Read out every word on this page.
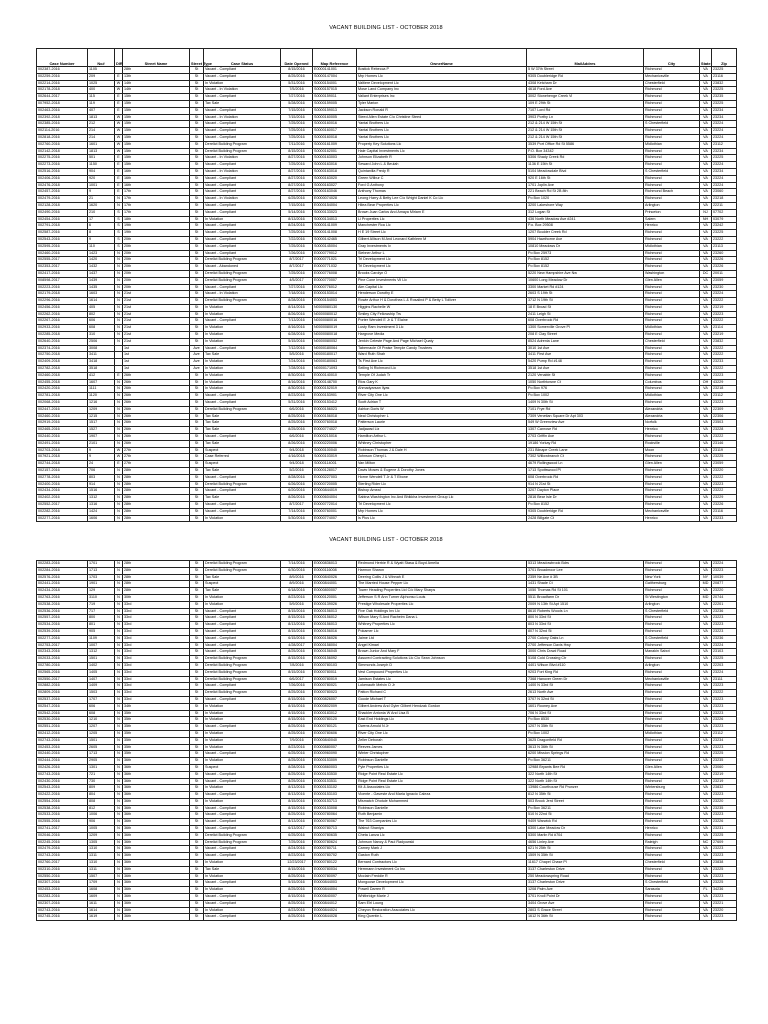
VACANT BUILDING LIST - OCTOBER 2018
Case Number	No#	DIR	Street Name	Street Type	Case Status	Date Opened	Map Reference	OwnerName	MailAddres	City	State	Zip
002387-2016	1105		28th	St	Vacant - Compliant	8/15/2016	E0000141001	Bostick Rebecca P	5 W 37th Street	Richmond	VA	23225
002259-2016	209	E	13th	St	Vacant - Compliant	8/25/2016	S0000147004	Mrp Homes Llc	9305 Doubleridge Rd	Mechanicsville	VA	23116
002214-2016	1025	W	14th	St	In Violation	5/31/2016	S0000154001	Valtiere Development Llc	4308 Ketcham Dr	Chesterfield	VA	23832
002178-2018	400	W	14th	St	Vacant - In Violation	7/5/2016	S0000157015	Mose Land Company Inc	4618 Ford Ave	Richmond	VA	23225
002644-2017	115	E	15th	St	Vacant - Compliant	7/27/2016	S0000159011	Valiant Enterprises Inc	3002 Stonehenge Creek Vi	Richmond	VA	23235
007952-2018	119	E	15th	St	Tax Sale	5/28/2016	S0000159005	Tyler Marion	109 E 29th St	Richmond	VA	23225
002463-2016	407	E	15th	St	Vacant - Compliant	7/15/2016	S0000159013	Jackson Ronald R	7107 Lord Rd	Richmond	VA	23234
002392-2018	1813	W	15th	St	Vacant - In Violation	7/15/2016	S0000160005	Steed Allen Estate C/o Christine Steed	3903 Porthy Ln	Richmond	VA	23234
002385-2016	212	W	15th	St	Vacant - Compliant	7/25/2016	S0000160016	Yantai Brothers Llc	212 & 214 W 15th St	S Chesterfield	VA	23224
002114-2016	214	W	15th	St	Vacant - Compliant	7/25/2016	S0000160017	Yantai Brothers Llc	212 & 214 W 15th St	Richmond	VA	23224
002818-2016	214	W	15th	St	Vacant - Compliant	7/25/2016	S0000160018	Yantai Brothers Llc	212 & 214 W 15th St	Richmond	VA	23224
002760-2016	1601	W	15th	St	Derelict Building Program	7/11/2016	S0000161009	Property Key Solutions Llc	3539 Port Office Rd St 5586	Midlothian	VA	23112
002142-2018	1813	W	15th	St	Derelict Building Program	8/15/2016	S0000162001	Hale Capital Investments Llc	P.O. Box 34342	Richmond	VA	23234
002275-2016	501	E	15th	St	Vacant - In Violation	8/27/2016	S0000163003	Johnson Elizabeth R	5306 Shady Creek Rd	Richmond	VA	23225
002273-2016	1150	E	15th	St	Vacant - Compliant	7/25/2016	S0000163016	Seward John L & Beulah	1136 E 15th St	Richmond	VA	23224
002516-2016	904	E	16th	St	Vacant - In Violation	8/27/2016	S0000163018	Quintanilla Fredy R	5104 Meadowdale Blvd	S Chesterfield	VA	23234
002406-2016	920	E	16th	St	Vacant - Compliant	8/27/2016	S0000163020	Green Wilbur C	920 E 16th St	Richmond	VA	23224
002476-2018	1001	E	16th	St	Vacant - Compliant	8/27/2016	S0000163027	Ford G Anthony	1701 Joplin Ave	Richmond	VA	23224
002457-2016	9	E	17th	St	Vacant - Compliant	8/27/2016	S0000163046	Anthony Thomas	221 Beach Rd St 2B 8th	Richmond Beach	VA	23060
002479-2016	21	N	17th	St	Vacant - In Violation	6/25/2016	E0000074028	Leong Harry & Betty Lee C/o Wright Daniel K Co Llc	Po Box 1020	Richmond	VA	23218
002128-2018	1620	N	17th	St	Vacant - Compliant	7/15/2016	E0000154004	Hilea Bear Properties Llc	3200 Lakeshore Way	Arlington	VA	22211
002490-2016	210	S	17th	St	Vacant - Compliant	5/14/2016	S0000133023	Brown Juan Carlos And Amaya Miriam E	312 Logan St	Princeton	NJ	07702
002454-2016	17	S	18th	St	In Violation	8/13/2016	S0000134013	Li Properties Llc	436 North Meadow Ave #241	Salem	NH	03079
002791-2018	6	S	19th	St	Vacant - Compliant	8/24/2016	S0000141009	Manchester Rca Llc	P.o. Box 29508	Henrico	VA	23242
002587-2016	8	S	19th	St	Vacant - Compliant	7/25/2016	S0000141008	H E 19 Street Llc	1207 Boulder Creek Rd	Richmond	VA	23225
002543-2016	9	S	20th	St	Vacant - Compliant	7/22/2016	S0000142465	Gilbert Allison M And Leonard Kathleen M	5904 Hawthorne Ave	Richmond	VA	23222
002595-2016	110	S	20th	St	Vacant - Compliant	7/25/2016	S0000145004	Gray Investments Iv	10810 Meadows Dr	Midlothian	VA	23113
002460-2016	1423	N	20th	St	Vacant - Compliant	7/26/2016	E0000779012	Siebner Arthur L	Po Box 25973	Richmond	VA	23260
002555-2017	1420	N	20th	St	Derelict Building Program	8/7/2017	E0000771021	Trl Development Llc	Po Box 8152	Richmond	VA	23226
002353-2017	1432	N	20th	St	Vacant - Abandoned	8/7/2017	E0000771032	Trl Development Llc	Po Box 8152	Richmond	VA	23226
002417-2016	1437	N	20th	St	Derelict Building Program	7/25/2016	E0000776008	Brooks Carolyn O	5220 New Hampshire Ave Nw	Washington	DC	20011
008598-2017	1439	N	20th	St	Derelict Building Program	4/5/2017	E0000770007	Pine Cone Investments Vii Llc	10600 Long Meadow Dr	Glen Allen	VA	23059
002223-2016	1435	N	20th	St	Vacant - Compliant	7/27/2016	E0000776012	Aim Capital Llc	3300 Market Rd #124	Richmond	VA	23230
002179-2018	1603	N	21st	St	Vacant - In Violation	7/18/2016	E0000153014	Henderson Dorothy E	2603 S 19th St	Richmond	VA	23224
002296-2016	1614	N	21st	St	Derelict Building Program	8/28/2016	E0000154003	Rowie Arthur H & Dorothea L & Rosalind P & Betty L Tolliver	3712 N 19th St	Richmond	VA	23222
002456-2016	405	N	21st	St	In Violation	8/14/2016	N0000080130	Higgins Rachelle W	18 E Broad St	Richmond	VA	23219
002262-2016	802	N	21st	St	In Violation	8/26/2016	N0000080012	Smiley City Fellowship Trs	2411 Leigh St	Richmond	VA	23223
002267-2016	606	N	21st	St	Vacant - Compliant	7/13/2016	N0000080016	Porter Wendell E Jr & T Elaine	608 Overbrook Rd	Richmond	VA	23222
002933-2016	608	N	21st	St	In Violation	8/16/2016	N0000080019	Lusty Ram Investment 3 Llc	1300 Somerville Grove Pl	Midlothian	VA	23114
002285-2018	310	N	21st	St	In Violation	6/28/2016	N0000080018	Hargrove Media	208 E Clay Street	Richmond	VA	23219
002640-2016	2506	N	21st	St	In Violation	5/15/2016	N0000080052	Jenkin Celeste Page And Page Michael Quaty	8524 Adrenia Lane	Chesterfield	VA	23832
002374-2016	3008		1st	Ave	Vacant - Compliant	7/12/2016	N0000180064	Tabernacle Of Praise Temple Candy Trustees	3010 1st Ave	Richmond	VA	23222
002750-2018	3411		1st	Ave	Tax Sale	5/5/2016	N0000180017	Ward Ruth Shah	3411 First Ave	Richmond	VA	23222
002409-2018	3418		1st	Ave	In Violation	7/24/2016	N0000180063	Ts First Ave Llc	5420 Pump Rd #148	Richmond	VA	23233
002782-2018	3518		1st	Ave	In Violation	7/28/2016	N0000171093	Seiling N Richmond Llc	3518 1st Ave	Richmond	VA	23222
002460-2018	412	E	26th	St	In Violation	8/30/2016	E0000140010	Temple Of Judah Tr	2120 Venable St	Richmond	VA	23223
002455-2018	1607	N	26th	St	In Violation	8/16/2016	E0000148700	Rios Gary K	1050 Northtowne Ct	Columbus	OH	43229
002420-2016	1111	N	26th	St	In Violation	8/30/2016	E0000152019	Ahmadyarsan Ilyas	Po Box 976	Richmond	VA	23218
002781-2018	1120	N	26th	St	Vacant - Compliant	8/23/2016	E0000153901	River City One Llc	Po Box 1002	Midlothian	VA	23112
002068-2016	1216	N	26th	St	Vacant - Compliant	5/31/2016	E0000153412	Scott Adrian T	1409 N 30th St	Richmond	VA	23223
002447-2016	1209	N	26th	St	Derelict Building Program	6/6/2016	E0000156023	Ashton Doris W	7101 Frye Rd	Alexandria	VA	22309
002460-2016	1215	N	26th	St	Tax Sale	8/25/2016	E0000156018	Neal Christopher L	7309 Venetian Square Dr Apt 303	Alexandria	VA	22306
002919-2016	1517	N	26th	St	Tax Sale	8/25/2016	E0000760018	Patterson Laurie	549 W Greenview Ave	Norfolk	VA	23503
002465-2016	1527	N	26th	St	Tax Sale	8/25/2016	E0000774027	Jadjawad Liz	1307 Canrose Rd	Henrico	VA	23228
002440-2016	1907	N	26th	St	Vacant - Compliant	6/6/2016	E0000215016	Hamilton Arthur L	2703 Griffin Ave	Richmond	VA	23222
002491-2016	2101	N	26th	St	Tax Sale	8/26/2016	E0000220006	Whitney Christopher	19186 Yorkay Rd	Rockville	VA	23146
002703-2018	9	W	27th	St	Suspect	9/4/2018	S0000100040	Robinson Thomas J & Dale H	231 Bilnape Creek Lane	Moon	VA	23119
007921-2018	9	W	27th	St	Case Referred	4/16/2018	S0000103019	Johnson Cheryl L	7302 Willowbranch Ct	Richmond	VA	23225
002744-2018	24	E	27th	St	Suspect	9/4/2018	S0000114001	Van Milton	4679 Rollingwood Ln	Glen Allen	VA	23059
002157-2016	706	N	28th	St	Tax Sale	5/2/2016	E0000128017	Davis Moses & Eugene & Dorothy Jones	1713 Spottswood Pl	Richmond	VA	23220
002778-2016	803	N	28th	St	Vacant - Compliant	8/28/2016	E0000227003	Horne Wendell T Jr & T Ebone	608 Overbrook Rd	Richmond	VA	23222
002400-2016	914	N	28th	St	Derelict Building Program	6/26/2016	E0000720005	Sterling Rider Llc	914 N 21st St	Richmond	VA	23223
002434-2016	1516	N	28th	St	Vacant - Compliant	6/20/2016	E0000844019	Bishop Ameal	3207 Dayton Place	Richmond	VA	23222
002402-2016	1312	N	28th	St	Tax Sale	8/26/2016	E0000604004	Sabina Washington Inc And Bhikkha Investment Group Llc	2816 Bear Isle Dr	Richmond	VA	23229
002552-2017	1316	N	28th	St	Vacant - Compliant	8/7/2017	E0000772014	Trl Development Llc	Po Box 8152	Richmond	VA	23226
002282-2016	1424	N	28th	St	Vacant - Compliant	7/14/2016	E0000760001	Mrp Homes Llc	9305 Doubleridge Rd	Mechanicsville	VA	23116
002277-2016	1606	N	28th	St	In Violation	5/30/2016	E0000774007	Is Plus Llc	2428 Billgate Ct	Henrico	VA	23233
VACANT BUILDING LIST - OCTOBER 2018
002283-2016	1701	N	28th	St	Derelict Building Program	7/14/2016	E0000836013	Redmond Herbie R & Wyatt Stasa & Boyd Amelia	5313 Meadowbrook Bdrs	Richmond	VA	23224
002284-2016	1713	N	28th	St	Derelict Building Program	6/30/2016	E0000116008	Harmon Sharon	3701 Broadmoor Lee	Richmond	VA	23223
002576-2016	1703	N	28th	St	Tax Sale	8/9/2016	E0000840026	Deering Collis J & Winnah E	2359 Ne Ave # 3B	New York	NY	10039
002441-2016	1901	N	28th	St	Suspect	8/9/2016	E0000844001	The Married House Pepper Llc	1431 Shade Ct	Gaithersburg	MD	20877
002434-2018	129	N	28th	St	Tax Sale	6/18/2016	E0000800007	Tower Heading Properties Ltd C/o Mary Sharps	1050 Thomas Rd St 101	Richmond	VA	23220
002763-2016	3110	N	30th	St	In Violation	8/23/2016	E0000120001	Jefferson S R Ann Turner Alphonso Louis	5511 Broadfarm Dr	St Westington	MD	20744
002538-2016	719	N	33rd	St	In Violation	5/9/2016	E0000139026	Prestige Wholesale Properties Llc	2009 N 13th St Apt 1510	Arlington	VA	22201
002536-2016	717	N	33rd	St	Vacant - Compliant	8/15/2016	E0000156013	Five Oak Holdings Inv Llc	8610 Roberts Woods Ln	S Chesterfield	VA	23236
002557-2016	800	N	33rd	St	Vacant - Compliant	8/15/2016	E0000156012	Wilson Mary S And Racheim Dana L	800 N 33rd St	Richmond	VA	23223
002534-2016	801	N	33rd	St	Vacant - Compliant	8/13/2016	E0000156013	Whitney Properties Llc	803 N 33rd St	Richmond	VA	23223
002539-2016	905	N	33rd	St	Vacant - Compliant	8/15/2016	E0000156016	Pokamer Llc	807 N 32nd St	Richmond	VA	23223
002277-2016	1109	N	33rd	St	Vacant - Compliant	6/15/2016	E0000156026	Jaime Ltd	2700 Colony Oaks Ln	S Chesterfield	VA	23236
002753-2017	1007	N	33rd	St	Vacant - Compliant	4/28/2017	E0000158004	Angel Kimari	2700 Jefferson Davis Hwy	Richmond	VA	23224
002343-2016	1312	N	33rd	St	Vacant - Compliant	8/25/2016	E0000156045	Brown Junior And Mary F	3000 Chris Dowd Road	Manakin Sabot	VA	23103
002033-2016	1501	N	33rd	St	Derelict Building Program	8/15/2016	E0000156092	Assured Contracting Solutions Llc C/o Sean Johnson	5108 Cold Crossing Ctr	Richmond	VA	23225
002780-2016	1402	N	33rd	St	Derelict Building Program	7/8/2016	E0000780103	Simmonds Joseph D	4401 Wilson Blvd #110	Arlington	VA	22203
002565-2016	1405	N	33rd	St	Derelict Building Program	8/15/2016	E0000780011	Vest Compound Properties Llc	9203 Fort King Rd	Richmond	VA	23224
002550-2017	1407	N	33rd	St	Derelict Building Program	6/6/2017	E0000780019	Jamison Estates Llc	7368 Hanover Green Dr	Mechanicsville	VA	23111
002882-2016	1409	N	33rd	St	Vacant - Compliant	7/26/2016	E0000780021	Lokenauth Melvin O Jr	1400 N 33rd St	Richmond	VA	23223
002809-2016	1503	N	33rd	St	Derelict Building Program	8/25/2016	E0000780023	Patton Richard C	2613 North Ave	Richmond	VA	23222
002537-2016	1707	N	33rd	St	Vacant - Compliant	8/15/2016	E0000826007	Goode Michael T	3707 N 32nd St	Richmond	VA	23223
002547-2016	606	N	34th	St	In Violation	8/15/2016	E0000802009	Gilbert Andrew And Gyler Gilbert Hendzak Gordon	1601 Rooney Ave	Richmond	VA	23223
002542-2016	608	N	35th	St	In Violation	8/15/2016	E0000183012	Shackler Antonia W And Lisa B	706 N 33rd St	Richmond	VA	23223
002530-2016	1210	N	35th	St	In Violation	8/15/2016	E0000780120	East End Holdings Llc	Po Box 8530	Richmond	VA	23226
002551-2016	1207	N	35th	St	Vacant - Compliant	8/25/2016	E0000780121	Owens Arnold N Jr	1207 N 35th St	Richmond	VA	23223
002412-2016	1205	N	35th	St	In Violation	8/25/2016	E0000780606	River City One Llc	Po Box 1002	Midlothian	VA	23112
002743-2016	1501	N	35th	St	In Violation	7/9/2016	E0000840040	Zeller Deborah	3625 Dragonfield Rd	Richmond	VA	23234
002453-2016	2605	N	35th	St	In Violation	8/23/2016	E0000880007	Reeves James	3613 N 36th St	Richmond	VA	23223
002440-2016	1713	N	35th	St	Vacant - Compliant	6/25/2016	E0000960090	Winter Christopher	6200 Mission Springs Rd	Richmond	VA	23225
002444-2016	2905	N	36th	St	In Violation	8/25/2016	E0000153009	Robinson Danielle	Po Box 36211	Richmond	VA	23235
002426-2016	1301	N	36th	St	Suspect	8/28/2016	E0000860003	Pyle Properties Llc	12988 Bryants Bee Rd	Glen Allen	VA	23060
002743-2016	721	N	36th	St	Vacant - Compliant	8/25/2016	E0000153530	Ridge Point Real Estate Llc	322 North 14th St	Richmond	VA	23219
002430-2016	730	N	36th	St	Vacant - Compliant	8/25/2016	E0000153531	Ridge Point Real Estate Llc	322 North 14th St	Richmond	VA	23219
002543-2016	809	N	36th	St	In Violation	8/13/2016	E0000153102	Kit & Associates Llc	13986 Courthouse Rd Prunzer	Wintersburg	VA	23832
002422-2016	804	N	36th	St	Vacant - Compliant	8/13/2016	E0000153103	Vicente - Gaveste And Maria Ignacio Caleza	812 N 35th St	Richmond	VA	23223
002554-2016	808	N	36th	St	In Violation	8/15/2016	E0000153713	Mismatch Ohotule Mohammed	503 Brook Jerd Street	Richmond	VA	23220
002538-2016	812	N	36th	St	Vacant - Compliant	8/15/2016	E0000153008	Robinson Danielle	Po Box 36211	Richmond	VA	23235
002533-2016	1006	N	36th	St	Vacant - Compliant	8/25/2016	E0000780064	Ruth Benjamin	510 N 22nd St	Richmond	VA	23223
002555-2016	906	N	36th	St	Vacant - Compliant	8/13/2016	E0000780067	The 763 Companies Llc	9409 Warwick Rd	Richmond	VA	23226
002741-2017	1005	N	36th	St	Vacant - Compliant	6/13/2017	E0000780713	Walnut Shaniya	6300 Lake Meadow Dr	Henrico	VA	23231
002046-2016	1209	N	36th	St	Derelict Building Program	6/25/2016	E0000780635	Cheta Lanza Llc	5300 Marlin Rd #704	Richmond	VA	23225
002245-2016	1305	N	36th	St	Derelict Building Program	7/25/2016	E0000780624	Johnson Nancy & Paul Radyowski	4656 Linley Ave	Raleigh	NC	27609
002479-2016	1310	N	36th	St	Vacant - Compliant	8/24/2016	E0000780711	Carney Mark J	621 N 25th St	Richmond	VA	23223
002743-2016	1311	N	36th	St	Vacant - Compliant	8/23/2016	E0000780702	Gaston Ruth	1509 N 35th St	Richmond	VA	23223
002760-2017	1310	N	36th	St	In Violation	12/23/2017	E0000780122	Bernard Contractors Llc	11617 Chapel Chase Pl	Chesterfield	VA	23838
002310-2016	1311	N	36th	St	Tax Sale	8/15/2016	E0000780034	Herrmann Investment Co Inc	3137 Charleston Drive	Richmond	VA	23225
002550-2016	1507	N	36th	St	In Violation	8/25/2016	E0000780097	Mcclain Freddie R	250 Meadowspring Road	Richmond	VA	23223
002307-2016	1709	N	36th	St	Vacant - Compliant	5/15/2016	E0000844003	Mongoose Development Llc	3137 Charleston Drive	S Chesterfield	VA	23225
002453-2016	1608	N	36th	St	In Violation	8/25/2016	E0000844004	Powell Darren R	1208 Palm Ave	Sarasota	FL	34236
002283-2016	1609	N	36th	St	Vacant - Compliant	8/15/2016	E0000840007	Whitbridge Marie J	3701 Knoll Point Dr	Richmond	VA	23223
002307-2016	1611	N	36th	St	Vacant - Compliant	8/25/2016	E0000844012	Sam Elrl Loung	3404 Grove Ave	Richmond	VA	23221
002743-2016	1614	N	36th	St	In Violation	8/23/2016	E0000844024	Cheyon Restoration Associates Llc	2803 S Grace Street	Richmond	VA	23220
002745-2016	1619	N	36th	St	Vacant - Compliant	8/25/2016	E0000844028	King Quentin L	1612 N 36th St	Richmond	VA	23223
